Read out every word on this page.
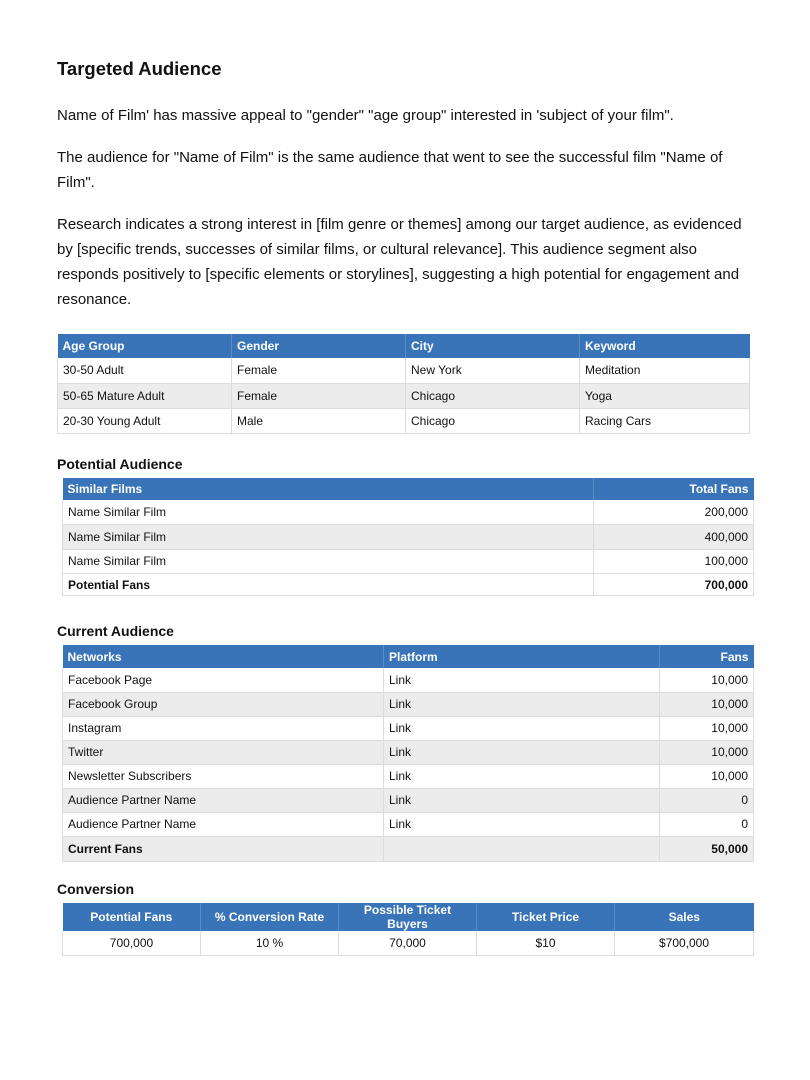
Targeted Audience

Name of Film' has massive appeal to "gender" "age group" interested in 'subject of your film".

The audience for "Name of Film" is the same audience that went to see the successful film "Name of Film".

Research indicates a strong interest in [film genre or themes] among our target audience, as evidenced by [specific trends, successes of similar films, or cultural relevance]. This audience segment also responds positively to [specific elements or storylines], suggesting a high potential for engagement and resonance.

Age Group	Gender	City	Keyword
30-50 Adult	Female	New York	Meditation
50-65 Mature Adult	Female	Chicago	Yoga
20-30 Young Adult	Male	Chicago	Racing Cars
Potential Audience
Similar Films	Total Fans
Name Similar Film	200,000
Name Similar Film	400,000
Name Similar Film	100,000
Potential Fans	700,000
Current Audience
Networks	Platform	Fans
Facebook Page	Link	10,000
Facebook Group	Link	10,000
Instagram	Link	10,000
Twitter	Link	10,000
Newsletter Subscribers	Link	10,000
Audience Partner Name	Link	0
Audience Partner Name	Link	0
Current Fans		50,000
Conversion
Potential Fans	% Conversion Rate	Possible Ticket Buyers	Ticket Price	Sales
700,000	10 %	70,000	$10	$700,000
